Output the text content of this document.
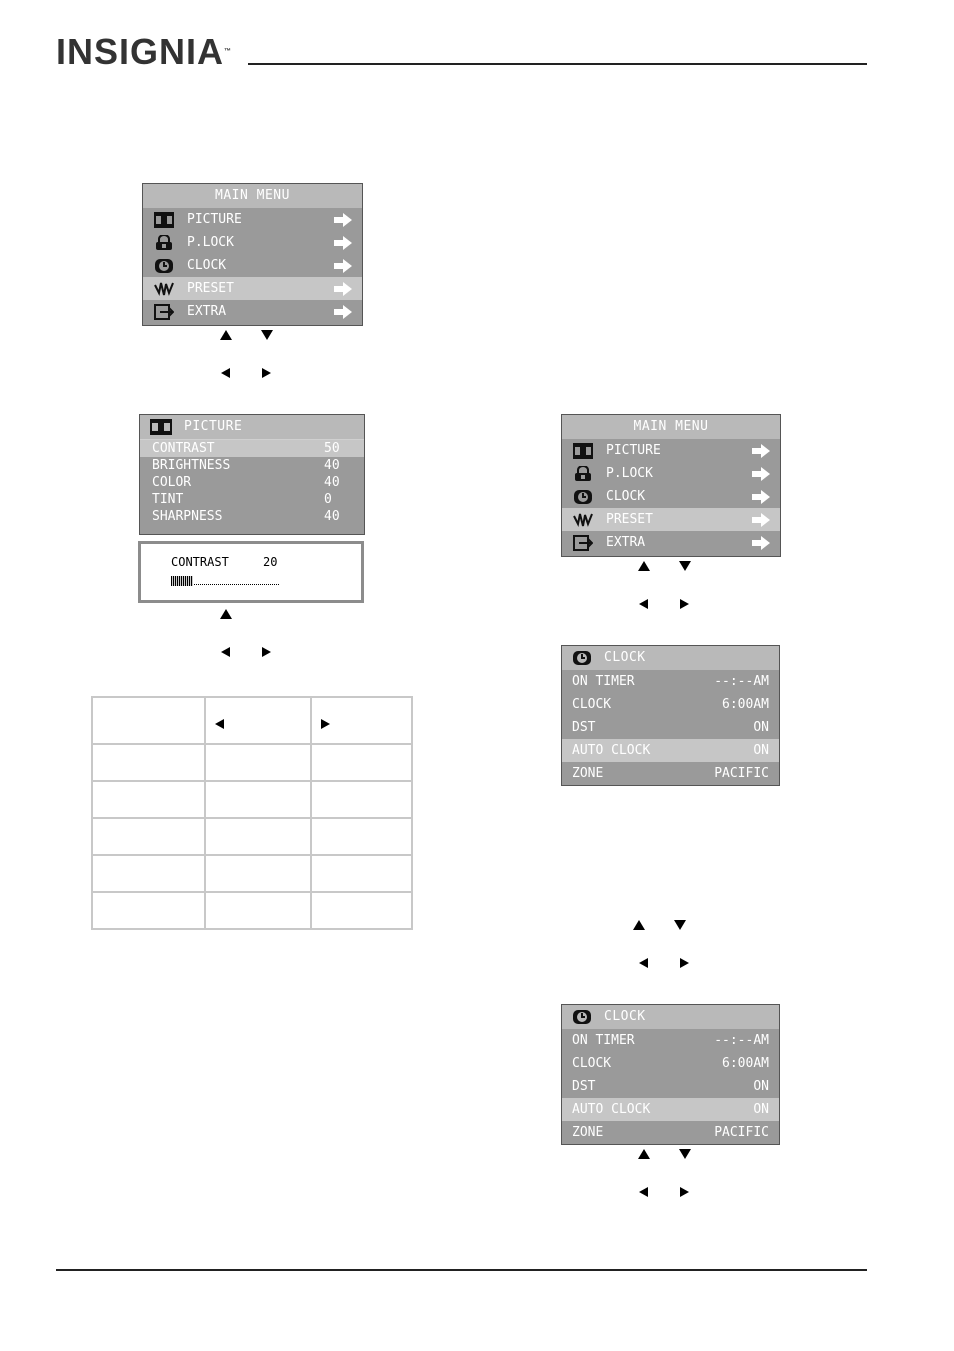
INSIGNIA™
MAIN MENU
PICTURE
P.LOCK
CLOCK
PRESET
EXTRA
PICTURE
CONTRAST	50
BRIGHTNESS	40
COLOR	40
TINT	0
SHARPNESS	40
CONTRAST	20

MAIN MENU
PICTURE
P.LOCK
CLOCK
PRESET
EXTRA
CLOCK
ON TIMER	--:--AM
CLOCK	6:00AM
DST	ON
AUTO CLOCK	ON
ZONE	PACIFIC
CLOCK
ON TIMER	--:--AM
CLOCK	6:00AM
DST	ON
AUTO CLOCK	ON
ZONE	PACIFIC
